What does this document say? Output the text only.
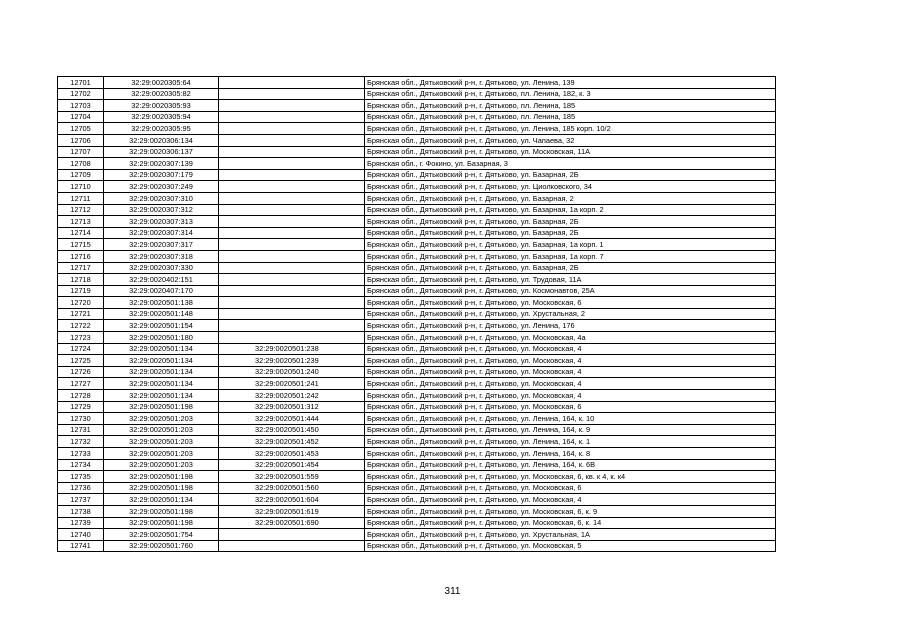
12701	32:29:0020305:64		Брянская обл., Дятьковский р-н, г. Дятьково, ул. Ленина, 139
12702	32:29:0020305:82		Брянская обл., Дятьковский р-н, г. Дятьково, пл. Ленина, 182, к. 3
12703	32:29:0020305:93		Брянская обл., Дятьковский р-н, г. Дятьково, пл. Ленина, 185
12704	32:29:0020305:94		Брянская обл., Дятьковский р-н, г. Дятьково, пл. Ленина, 185
12705	32:29:0020305:95		Брянская обл., Дятьковский р-н, г. Дятьково, ул. Ленина, 185 корп. 10/2
12706	32:29:0020306:134		Брянская обл., Дятьковский р-н, г. Дятьково, ул. Чапаева, 32
12707	32:29:0020306:137		Брянская обл., Дятьковский р-н, г. Дятьково, ул. Московская, 11А
12708	32:29:0020307:139		Брянская обл., г. Фокино, ул. Базарная, 3
12709	32:29:0020307:179		Брянская обл., Дятьковский р-н, г. Дятьково, ул. Базарная, 2Б
12710	32:29:0020307:249		Брянская обл., Дятьковский р-н, г. Дятьково, ул. Циолковского, 34
12711	32:29:0020307:310		Брянская обл., Дятьковский р-н, г. Дятьково, ул. Базарная, 2
12712	32:29:0020307:312		Брянская обл., Дятьковский р-н, г. Дятьково, ул. Базарная, 1а корп. 2
12713	32:29:0020307:313		Брянская обл., Дятьковский р-н, г. Дятьково, ул. Базарная, 2Б
12714	32:29:0020307:314		Брянская обл., Дятьковский р-н, г. Дятьково, ул. Базарная, 2Б
12715	32:29:0020307:317		Брянская обл., Дятьковский р-н, г. Дятьково, ул. Базарная, 1а корп. 1
12716	32:29:0020307:318		Брянская обл., Дятьковский р-н, г. Дятьково, ул. Базарная, 1а корп. 7
12717	32:29:0020307:330		Брянская обл., Дятьковский р-н, г. Дятьково, ул. Базарная, 2Б
12718	32:29:0020402:151		Брянская обл., Дятьковский р-н, г. Дятьково, ул. Трудовая, 11А
12719	32:29:0020407:170		Брянская обл., Дятьковский р-н, г. Дятьково, ул. Космонавтов, 25А
12720	32:29:0020501:138		Брянская обл., Дятьковский р-н, г. Дятьково, ул. Московская, 6
12721	32:29:0020501:148		Брянская обл., Дятьковский р-н, г. Дятьково, ул. Хрустальная, 2
12722	32:29:0020501:154		Брянская обл., Дятьковский р-н, г. Дятьково, ул. Ленина, 176
12723	32:29:0020501:180		Брянская обл., Дятьковский р-н, г. Дятьково, ул. Московская, 4а
12724	32:29:0020501:134	32:29:0020501:238	Брянская обл., Дятьковский р-н, г. Дятьково, ул. Московская, 4
12725	32:29:0020501:134	32:29:0020501:239	Брянская обл., Дятьковский р-н, г. Дятьково, ул. Московская, 4
12726	32:29:0020501:134	32:29:0020501:240	Брянская обл., Дятьковский р-н, г. Дятьково, ул. Московская, 4
12727	32:29:0020501:134	32:29:0020501:241	Брянская обл., Дятьковский р-н, г. Дятьково, ул. Московская, 4
12728	32:29:0020501:134	32:29:0020501:242	Брянская обл., Дятьковский р-н, г. Дятьково, ул. Московская, 4
12729	32:29:0020501:198	32:29:0020501:312	Брянская обл., Дятьковский р-н, г. Дятьково, ул. Московская, 6
12730	32:29:0020501:203	32:29:0020501:444	Брянская обл., Дятьковский р-н, г. Дятьково, ул. Ленина, 164, к. 10
12731	32:29:0020501:203	32:29:0020501:450	Брянская обл., Дятьковский р-н, г. Дятьково, ул. Ленина, 164, к. 9
12732	32:29:0020501:203	32:29:0020501:452	Брянская обл., Дятьковский р-н, г. Дятьково, ул. Ленина, 164, к. 1
12733	32:29:0020501:203	32:29:0020501:453	Брянская обл., Дятьковский р-н, г. Дятьково, ул. Ленина, 164, к. 8
12734	32:29:0020501:203	32:29:0020501:454	Брянская обл., Дятьковский р-н, г. Дятьково, ул. Ленина, 164, к. 6В
12735	32:29:0020501:198	32:29:0020501:559	Брянская обл., Дятьковский р-н, г. Дятьково, ул. Московская, 6, кв. к 4, к. к4
12736	32:29:0020501:198	32:29:0020501:560	Брянская обл., Дятьковский р-н, г. Дятьково, ул. Московская, 6
12737	32:29:0020501:134	32:29:0020501:604	Брянская обл., Дятьковский р-н, г. Дятьково, ул. Московская, 4
12738	32:29:0020501:198	32:29:0020501:619	Брянская обл., Дятьковский р-н, г. Дятьково, ул. Московская, 6, к. 9
12739	32:29:0020501:198	32:29:0020501:690	Брянская обл., Дятьковский р-н, г. Дятьково, ул. Московская, 6, к. 14
12740	32:29:0020501:754		Брянская обл., Дятьковский р-н, г. Дятьково, ул. Хрустальная, 1А
12741	32:29:0020501:760		Брянская обл., Дятьковский р-н, г. Дятьково, ул. Московская, 5
311
